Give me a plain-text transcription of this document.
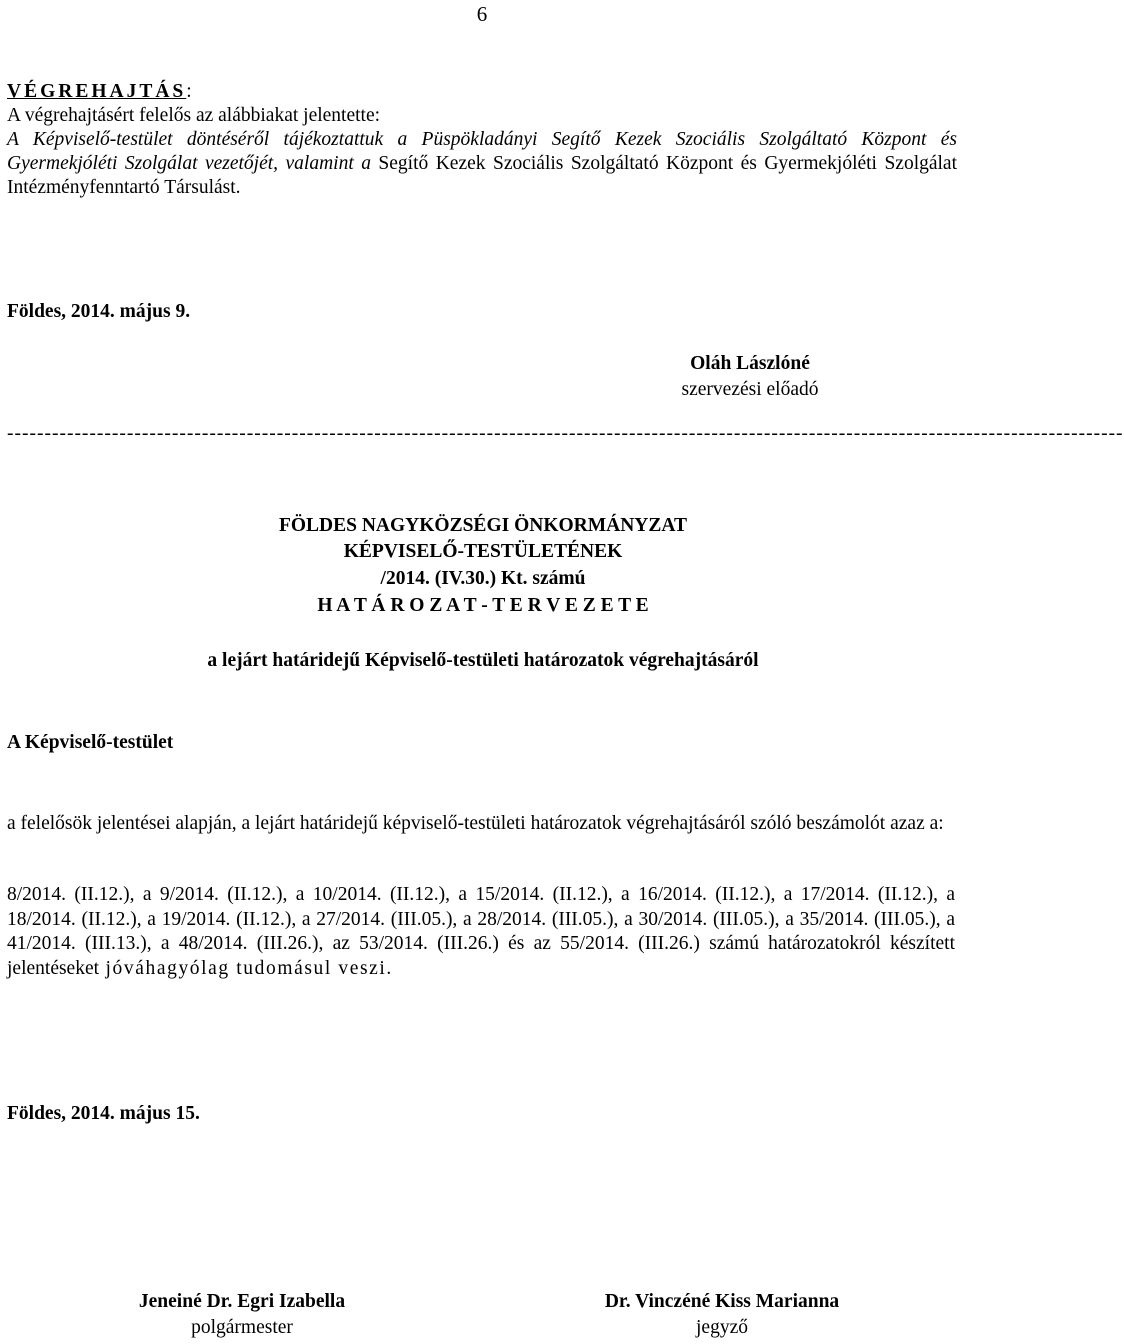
6
VÉGREHAJTÁS:
A végrehajtásért felelős az alábbiakat jelentette:
A Képviselő-testület döntéséről tájékoztattuk a Püspökladányi Segítő Kezek Szociális Szolgáltató Központ és Gyermekjóléti Szolgálat vezetőjét, valamint a Segítő Kezek Szociális Szolgáltató Központ és Gyermekjóléti Szolgálat Intézményfenntartó Társulást.
Földes, 2014. május 9.
Oláh Lászlóné
szervezési előadó
-----------------------------------------------------------------------------------------------------------------------------------------------------
FÖLDES NAGYKÖZSÉGI ÖNKORMÁNYZAT
KÉPVISELŐ-TESTÜLETÉNEK
/2014. (IV.30.) Kt. számú
H A T Á R O Z A T - T E R V E Z E T E
a lejárt határidejű Képviselő-testületi határozatok végrehajtásáról
A Képviselő-testület
a felelősök jelentései alapján, a lejárt határidejű képviselő-testületi határozatok végrehajtásáról szóló beszámolót azaz a:
8/2014. (II.12.), a 9/2014. (II.12.), a 10/2014. (II.12.), a 15/2014. (II.12.), a 16/2014. (II.12.), a 17/2014. (II.12.), a 18/2014. (II.12.), a 19/2014. (II.12.), a 27/2014. (III.05.), a 28/2014. (III.05.), a 30/2014. (III.05.), a 35/2014. (III.05.), a 41/2014. (III.13.), a 48/2014. (III.26.), az 53/2014. (III.26.) és az 55/2014. (III.26.) számú határozatokról készített jelentéseket jóváhagyólag tudomásul veszi.
Földes, 2014. május 15.
Jeneiné Dr. Egri Izabella
polgármester
Dr. Vinczéné Kiss Marianna
jegyző
